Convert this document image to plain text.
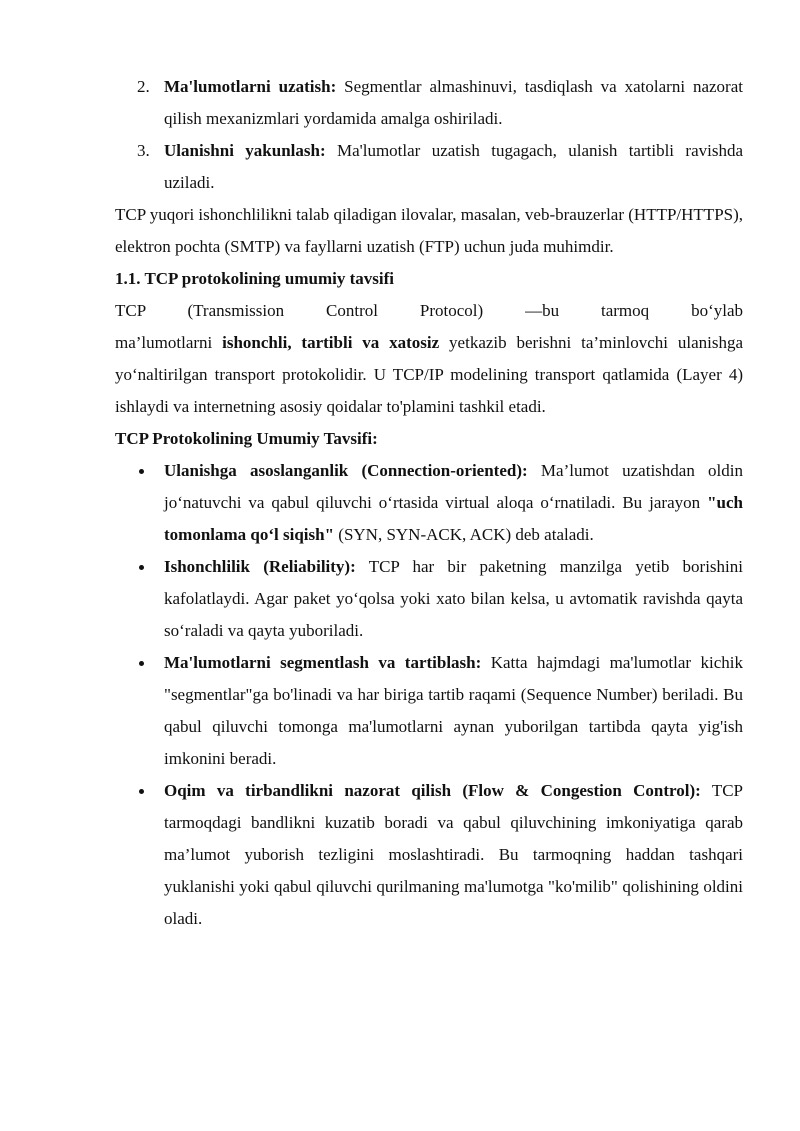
2. Ma'lumotlarni uzatish: Segmentlar almashinuvi, tasdiqlash va xatolarni nazorat qilish mexanizmlari yordamida amalga oshiriladi.
3. Ulanishni yakunlash: Ma'lumotlar uzatish tugagach, ulanish tartibli ravishda uziladi.

TCP yuqori ishonchlilikni talab qiladigan ilovalar, masalan, veb-brauzerlar (HTTP/HTTPS), elektron pochta (SMTP) va fayllarni uzatish (FTP) uchun juda muhimdir.

1.1. TCP protokolining umumiy tavsifi

TCP (Transmission Control Protocol) —bu tarmoq bo‘ylab
ma’lumotlarni ishonchli, tartibli va xatosiz yetkazib berishni ta’minlovchi ulanishga yo‘naltirilgan transport protokolidir. U TCP/IP modelining transport qatlamida (Layer 4) ishlaydi va internetning asosiy qoidalar to'plamini tashkil etadi.

TCP Protokolining Umumiy Tavsifi:
Ulanishga asoslanganlik (Connection-oriented): Ma’lumot uzatishdan oldin jo‘natuvchi va qabul qiluvchi o‘rtasida virtual aloqa o‘rnatiladi. Bu jarayon "uch tomonlama qo‘l siqish" (SYN, SYN-ACK, ACK) deb ataladi.
Ishonchlilik (Reliability): TCP har bir paketning manzilga yetib borishini kafolatlaydi. Agar paket yo‘qolsa yoki xato bilan kelsa, u avtomatik ravishda qayta so‘raladi va qayta yuboriladi.
Ma'lumotlarni segmentlash va tartiblash: Katta hajmdagi ma'lumotlar kichik "segmentlar"ga bo'linadi va har biriga tartib raqami (Sequence Number) beriladi. Bu qabul qiluvchi tomonga ma'lumotlarni aynan yuborilgan tartibda qayta yig'ish imkonini beradi.
Oqim va tirbandlikni nazorat qilish (Flow & Congestion Control): TCP tarmoqdagi bandlikni kuzatib boradi va qabul qiluvchining imkoniyatiga qarab ma’lumot yuborish tezligini moslashtiradi. Bu tarmoqning haddan tashqari yuklanishi yoki qabul qiluvchi qurilmaning ma'lumotga "ko'milib" qolishining oldini oladi.
